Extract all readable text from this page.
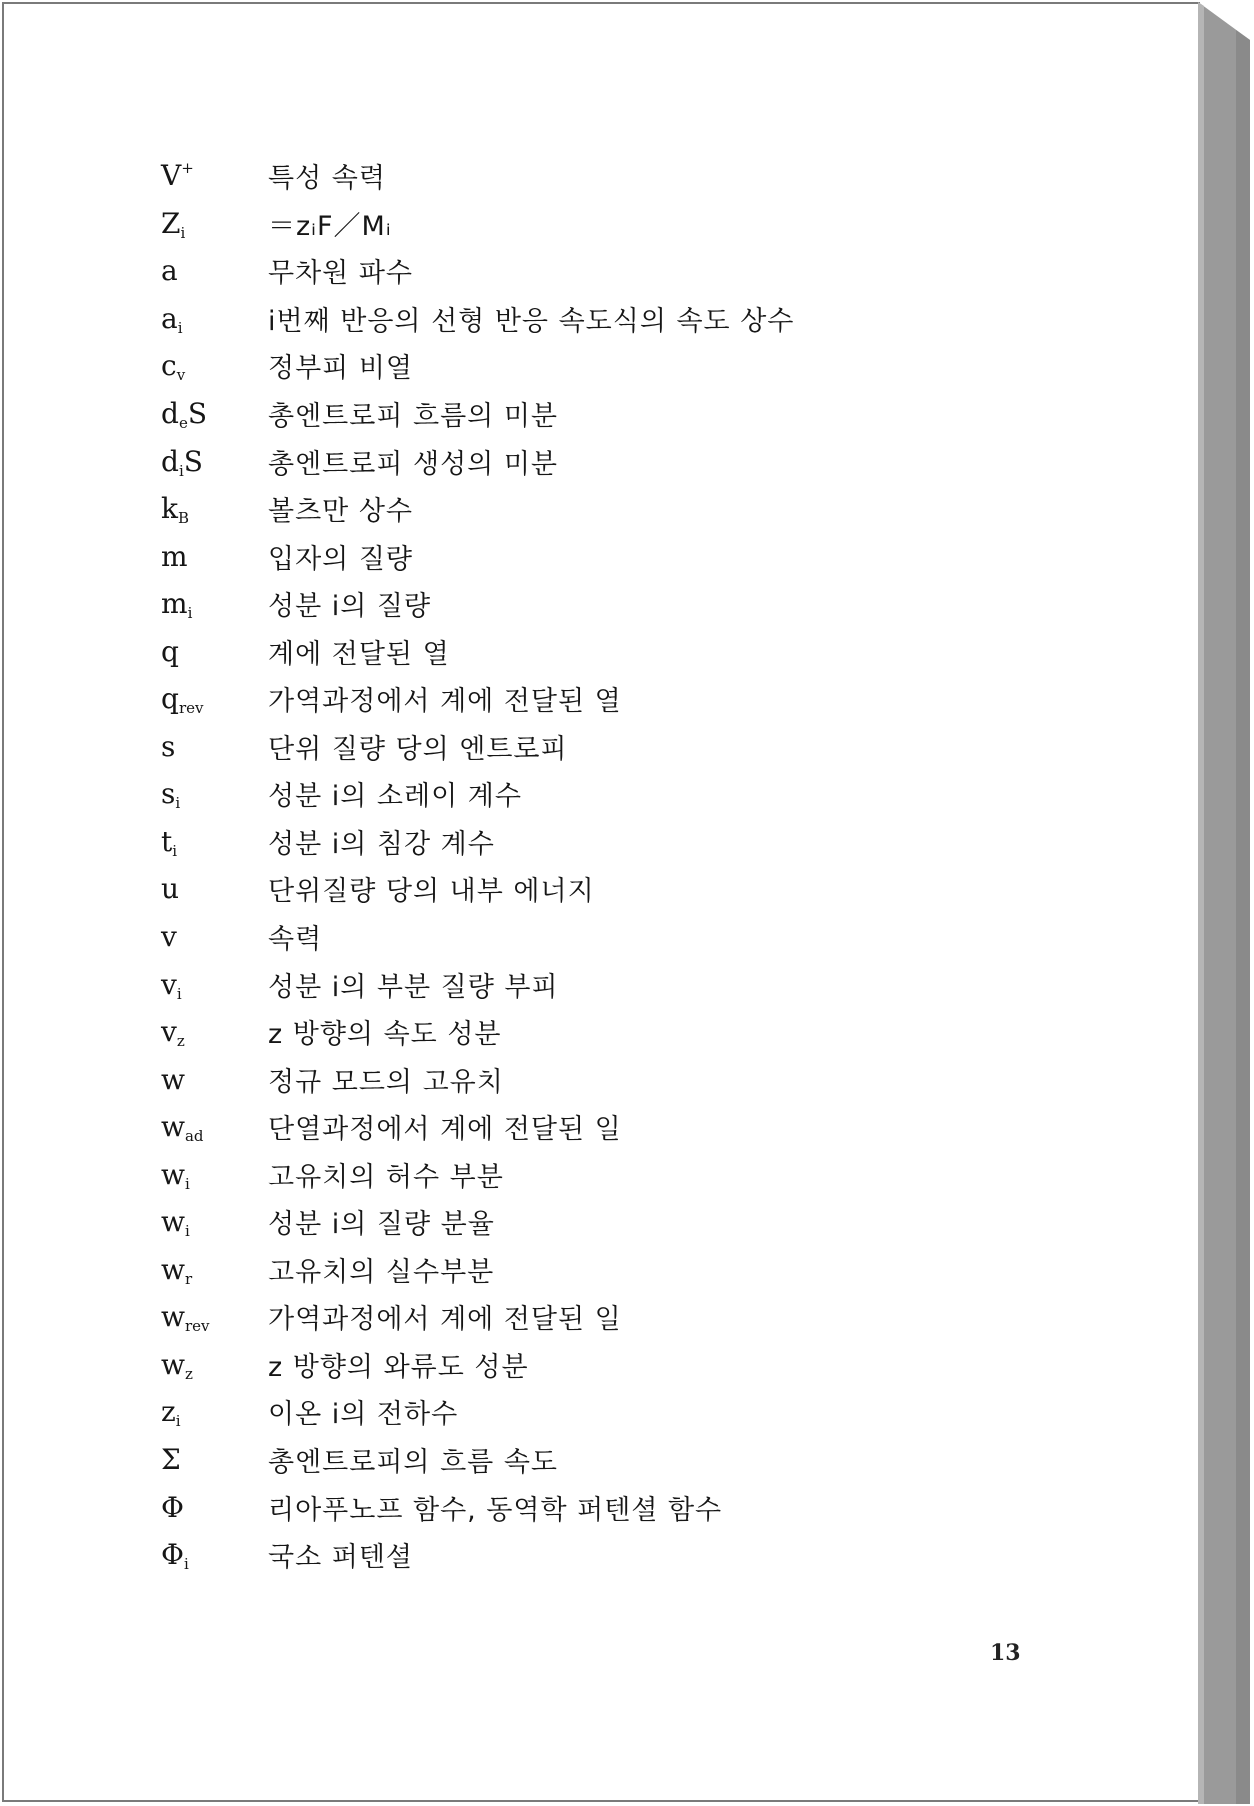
V+	특성 속력
$Z_i$	＝zᵢF／Mᵢ
a	무차원 파수
$a_i$	i번째 반응의 선형 반응 속도식의 속도 상수
$c_v$	정부피 비열
$d_eS$	총엔트로피 흐름의 미분
$d_iS$	총엔트로피 생성의 미분
$k_B$	볼츠만 상수
m	입자의 질량
$m_i$	성분 i의 질량
q	계에 전달된 열
$q_{rev}$	가역과정에서 계에 전달된 열
s	단위 질량 당의 엔트로피
$s_i$	성분 i의 소레이 계수
$t_i$	성분 i의 침강 계수
u	단위질량 당의 내부 에너지
v	속력
$v_i$	성분 i의 부분 질량 부피
$v_z$	z 방향의 속도 성분
w	정규 모드의 고유치
$w_{ad}$	단열과정에서 계에 전달된 일
$w_i$	고유치의 허수 부분
$w_i$	성분 i의 질량 분율
$w_r$	고유치의 실수부분
$w_{rev}$	가역과정에서 계에 전달된 일
$w_z$	z 방향의 와류도 성분
$z_i$	이온 i의 전하수
Σ	총엔트로피의 흐름 속도
Φ	리아푸노프 함수, 동역학 퍼텐셜 함수
$\Phi_i$	국소 퍼텐셜
13
